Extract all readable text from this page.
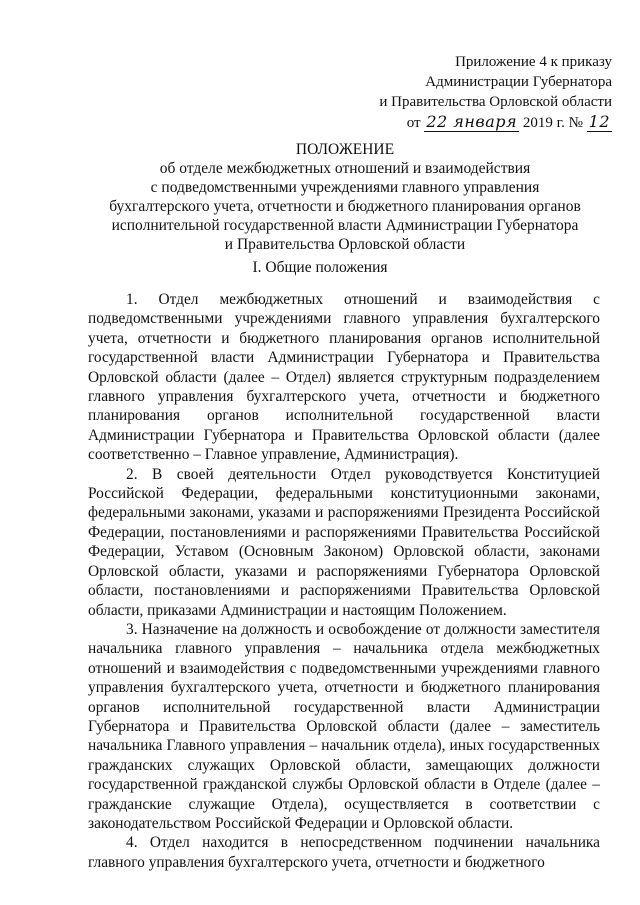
Приложение 4 к приказу
Администрации Губернатора
и Правительства Орловской области
от 22 января 2019 г. № 12
ПОЛОЖЕНИЕ
об отделе межбюджетных отношений и взаимодействия
с подведомственными учреждениями главного управления
бухгалтерского учета, отчетности и бюджетного планирования органов
исполнительной государственной власти Администрации Губернатора
и Правительства Орловской области
I. Общие положения

1. Отдел межбюджетных отношений и взаимодействия с подведомственными учреждениями главного управления бухгалтерского учета, отчетности и бюджетного планирования органов исполнительной государственной власти Администрации Губернатора и Правительства Орловской области (далее – Отдел) является структурным подразделением главного управления бухгалтерского учета, отчетности и бюджетного планирования органов исполнительной государственной власти Администрации Губернатора и Правительства Орловской области (далее соответственно – Главное управление, Администрация).

2. В своей деятельности Отдел руководствуется Конституцией Российской Федерации, федеральными конституционными законами, федеральными законами, указами и распоряжениями Президента Российской Федерации, постановлениями и распоряжениями Правительства Российской Федерации, Уставом (Основным Законом) Орловской области, законами Орловской области, указами и распоряжениями Губернатора Орловской области, постановлениями и распоряжениями Правительства Орловской области, приказами Администрации и настоящим Положением.

3. Назначение на должность и освобождение от должности заместителя начальника главного управления – начальника отдела межбюджетных отношений и взаимодействия с подведомственными учреждениями главного управления бухгалтерского учета, отчетности и бюджетного планирования органов исполнительной государственной власти Администрации Губернатора и Правительства Орловской области (далее – заместитель начальника Главного управления – начальник отдела), иных государственных гражданских служащих Орловской области, замещающих должности государственной гражданской службы Орловской области в Отделе (далее – гражданские служащие Отдела), осуществляется в соответствии с законодательством Российской Федерации и Орловской области.

4. Отдел находится в непосредственном подчинении начальника главного управления бухгалтерского учета, отчетности и бюджетного
